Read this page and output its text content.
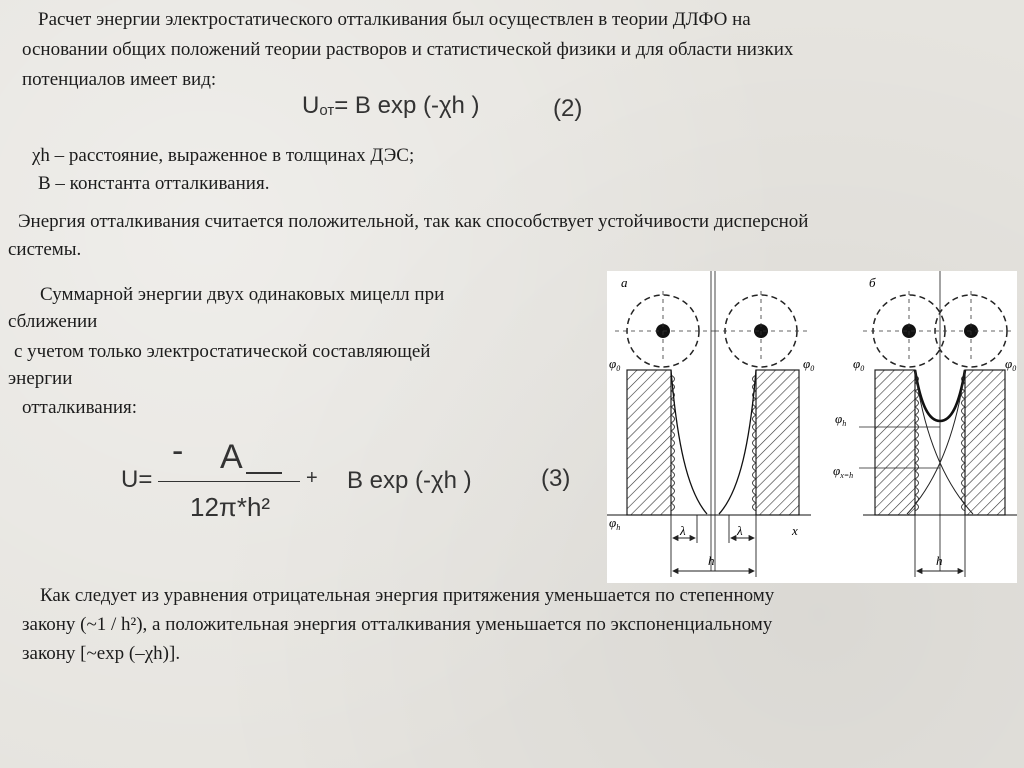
Расчет энергии электростатического отталкивания был осуществлен в теории ДЛФО на
основании общих положений теории растворов и статистической физики и для области низких
потенциалов имеет вид:
$U_{от}= B$ exp (-χh )	(2)
χh – расстояние, выраженное в толщинах ДЭС;
В – константа отталкивания.
Энергия отталкивания считается положительной, так как способствует устойчивости дисперсной
системы.
Суммарной энергии двух одинаковых мицелл при
сближении
с учетом только электростатической составляющей
энергии
отталкивания:
U=
- A
12π*h²
+ B exp (-χh )	(3)
а	б
$\varphi_0$	$\varphi_0$
$\varphi_h$	x
λ	λ
h
$\varphi_0$	$\varphi_0$
$\varphi_h$
$\varphi_{x=h}$
h
Как следует из уравнения отрицательная энергия притяжения уменьшается по степенному
закону (~1 / h²), а положительная энергия отталкивания уменьшается по экспоненциальному
закону [~exp (–χh)].
